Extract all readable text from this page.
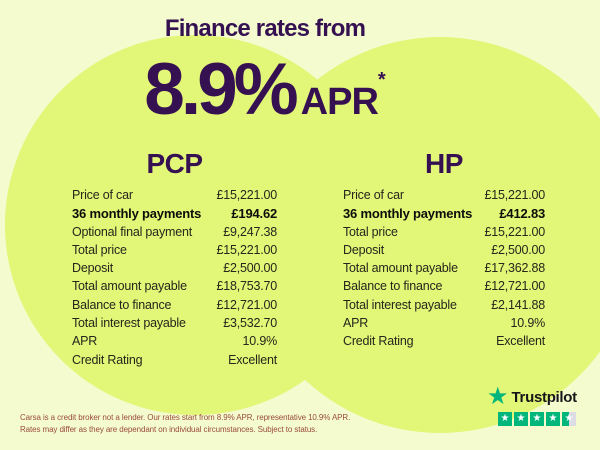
Finance rates from
8.9% APR*
PCP
Price of car	£15,221.00
36 monthly payments £194.62
Optional final payment £9,247.38
Total price	£15,221.00
Deposit	£2,500.00
Total amount payable £18,753.70
Balance to finance	£12,721.00
Total interest payable	£3,532.70
APR	10.9%
Credit Rating	Excellent
HP
Price of car	£15,221.00
36 monthly payments £412.83
Total price	£15,221.00
Deposit	£2,500.00
Total amount payable £17,362.88
Balance to finance	£12,721.00
Total interest payable	£2,141.88
APR	10.9%
Credit Rating	Excellent

Carsa is a credit broker not a lender. Our rates start from 8.9% APR, representative 10.9% APR.
Rates may differ as they are dependant on individual circumstances. Subject to status.

★ Trustpilot
★ ★ ★ ★ ★
